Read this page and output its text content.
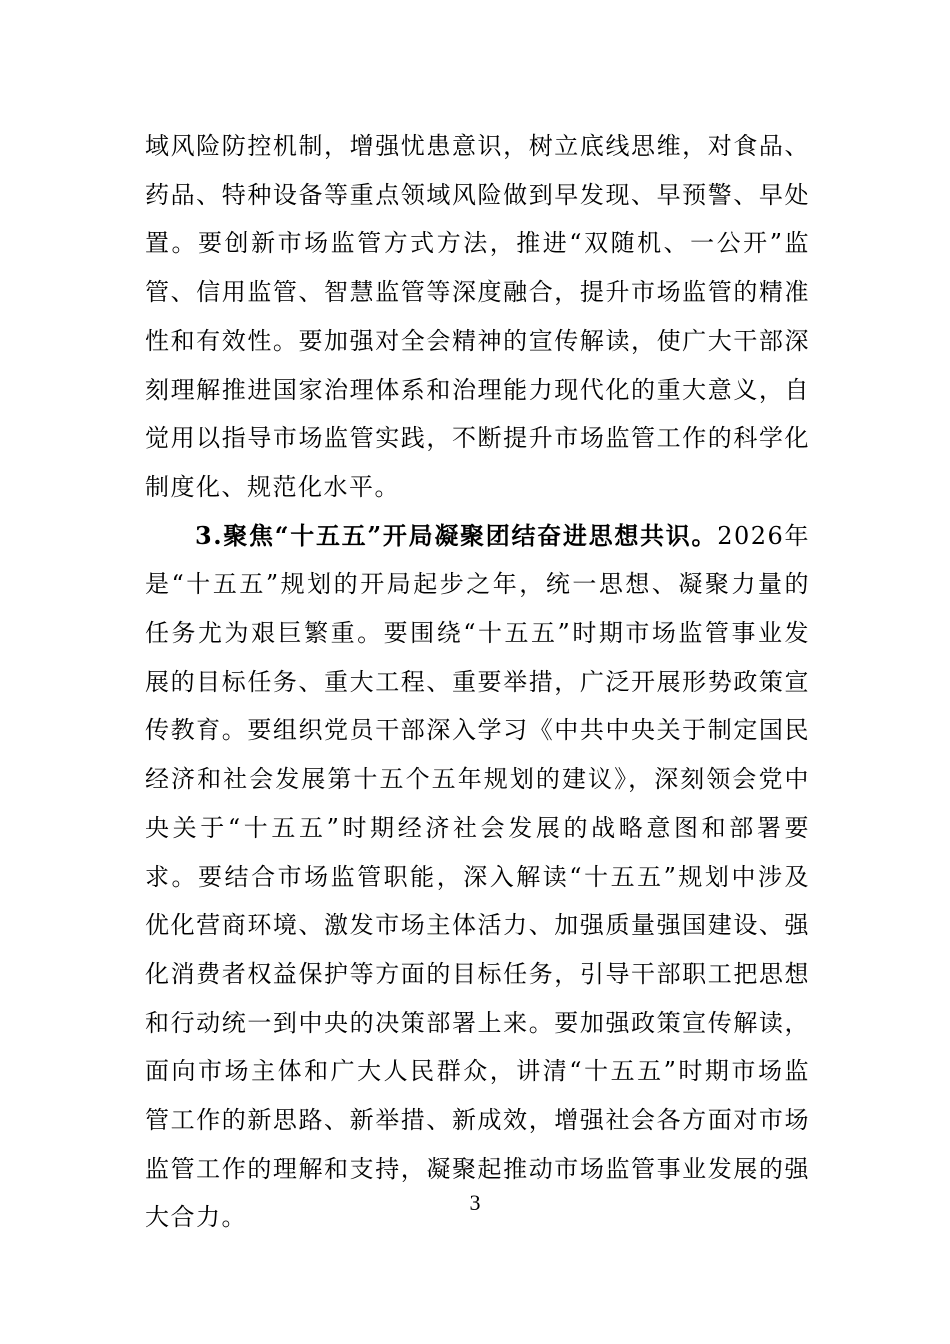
域风险防控机制，增强忧患意识，树立底线思维，对食品、药品、特种设备等重点领域风险做到早发现、早预警、早处置。要创新市场监管方式方法，推进“双随机、一公开”监管、信用监管、智慧监管等深度融合，提升市场监管的精准性和有效性。要加强对全会精神的宣传解读，使广大干部深刻理解推进国家治理体系和治理能力现代化的重大意义，自觉用以指导市场监管实践，不断提升市场监管工作的科学化制度化、规范化水平。

3.聚焦“十五五”开局凝聚团结奋进思想共识。2026年是“十五五”规划的开局起步之年，统一思想、凝聚力量的任务尤为艰巨繁重。要围绕“十五五”时期市场监管事业发展的目标任务、重大工程、重要举措，广泛开展形势政策宣传教育。要组织党员干部深入学习《中共中央关于制定国民经济和社会发展第十五个五年规划的建议》，深刻领会党中央关于“十五五”时期经济社会发展的战略意图和部署要求。要结合市场监管职能，深入解读“十五五”规划中涉及优化营商环境、激发市场主体活力、加强质量强国建设、强化消费者权益保护等方面的目标任务，引导干部职工把思想和行动统一到中央的决策部署上来。要加强政策宣传解读，面向市场主体和广大人民群众，讲清“十五五”时期市场监管工作的新思路、新举措、新成效，增强社会各方面对市场监管工作的理解和支持，凝聚起推动市场监管事业发展的强大合力。

3
